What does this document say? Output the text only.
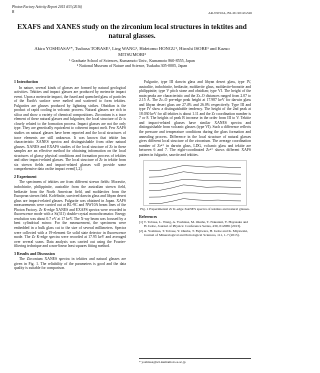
Photon Factory Activity Report 2015 #33 (2016) B	AR-NW10A, BL-9C/2012G526
EXAFS and XANES study on the zirconium local structures in tektites and natural glasses.
Akira YOSHIASA¹*, Tsubasa TOBASE¹, Ling WANG¹, Hidetomo HONGU¹, Hiroshi ISOBE¹ and Kazuo MITSUMORI²
¹ Graduate School of Sciences, Kumamoto Univ., Kumamoto 860-8555, Japan
² National Museum of Nature and Science, Tsukuba 305-0005, Japan
1 Introduction

In nature, several kinds of glasses are formed by natural geological activities. Tektites and impact glasses are produced by meteorite impact event. Upon a meteorite impact, the fused and quenched glass of particles of the Earth's surface were melted and scattered to form tektites. Fulgurites are glasses produced by lightning strikes. Obsidian is the product of rapid cooling in volcanic process. Natural glasses are rich in silica and show a variety of chemical compositions. Zirconium is a trace element of these natural glasses and fulgurites; the local structure of Zr is closely related to the formation process. Impact glasses are not the only type. They are genetically equivalent to coherent impact melt. Few XAFS studies on natural glasses have been reported and the local structures of trace elements are still unknown. It was known that tektite has characteristic XANES spectra and distinguishable from other natural glasses. XANES and EXAFS studies of the local structure of Zr in these samples are an effective method for obtaining information on the local structures of glassy physical conditions and formation process of tektites and other impact-related glasses. The local structure of Zr in tektite from six strewn fields and impact-related glasses will provide some comprehensive data on the impact event[1,2].

2 Experiment

The specimens of tektites are from different strewn fields: Moravite, indochinite, philippinite, australite from the australian strewn field, bediasite from the North American field, and moldavites from the European strewn field. Koféfinite, survived darwin glass and libyan desert glass are impact-related glasses. Fulgurite was obtained in Japan. XAFS measurements were carried out at BL-9C and NW10A beam lines of the Photon Factory. Zr K-edge XANES and EXAFS spectra were recorded in fluorescence mode with a Si(311) double-crystal monochromator. Energy resolution was about 0.7 eV at 17 keV. The X-ray beam was focused by a bent cylindrical mirror. For the measurement, the specimens were embedded in a bulk glass cut to the size of several millimeters. Spectra were collected with a 19-element Ge solid state detector in fluorescence mode. The Zr K-edge spectra were recorded at 17.95 keV and averaged over several scans. Data analysis was carried out using the Fourier-filtering technique and a non-linear least squares fitting method.

3 Results and Discussion

The Zirconium XANES spectra in tektites and natural glasses are given in Fig. 1. The reliability of the parameters is good and the data quality is suitable for comparison.

Fulgurite, type III darwin glass and libyan desert glass, type IV, australite, indochinite, bediasite, moldavite glass, moldavite-bronzite and philippinite; type V pitch stone and obsidian; type VI. The height of the main peaks are characteristic and the Zr–O distances ranged from 2.07 to 2.15 Å. The Zr–O pre-edge peak height at 17.987 keV for darwin glass and libyan desert glass are 27.4% and 26.0% respectively. Type III and type IV show a distinguishable tendency. The height of the 2nd peak at 18.030 keV for all tektites is about 1.11 and the Zr coordination number is 7 or 8. The heights of peak B increase in the order from III to V. Tektite and impact-related glasses have similar XANES spectra and distinguishable from volcanic glasses (type VI). Such a difference reflects the pressure and temperature conditions during the glass formation and annealing process. Difference in the local structure of natural glasses gives different local structure of the zirconium. The average coordination number of Zr⁴⁺ in darwin glass, LDG, volcanic glass and tektite are between 6 and 7. The eight-coordinated Zr⁴⁺ shows different XAFS pattern in fulgurite, sauvite and tektites.

Fig. 1 Experimental Zr K-edge XANES spectra of tektites and natural glasses.
References
[1] T. Tobase, L. Wang, A. Yoshiasa, M. Okube, T. Nakatani, Y. Hayasaka and H. Isobe, Journal of Physics: Conference Series, 430, 012086 (2013).
[2] A. Yoshiasa, T. Tobase, Y. Okube, T. Fujiwara, H. Isobe and K. Miyawaki, Journal of Mineralogical and Petrological Sciences, 111, 1-7 (2015).
* yoshiasa@sci.kumamoto-u.ac.jp
